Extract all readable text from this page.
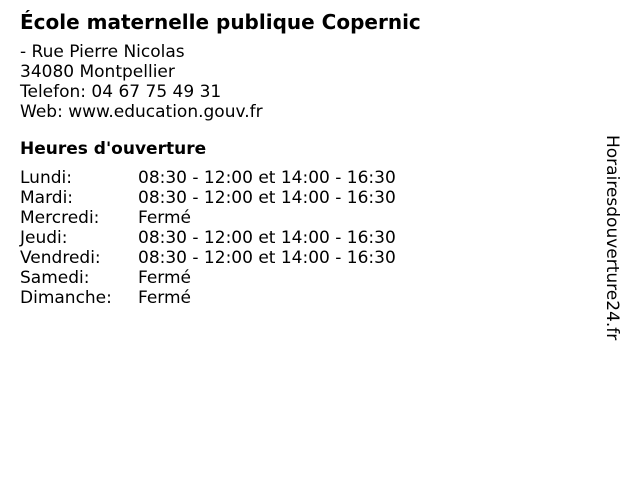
École maternelle publique Copernic
- Rue Pierre Nicolas
34080 Montpellier
Telefon: 04 67 75 49 31
Web: www.education.gouv.fr
Heures d'ouverture
Lundi:	08:30 - 12:00 et 14:00 - 16:30
Mardi:	08:30 - 12:00 et 14:00 - 16:30
Mercredi:	Fermé
Jeudi:	08:30 - 12:00 et 14:00 - 16:30
Vendredi:	08:30 - 12:00 et 14:00 - 16:30
Samedi:	Fermé
Dimanche:	Fermé	Horairesdouverture24.fr
